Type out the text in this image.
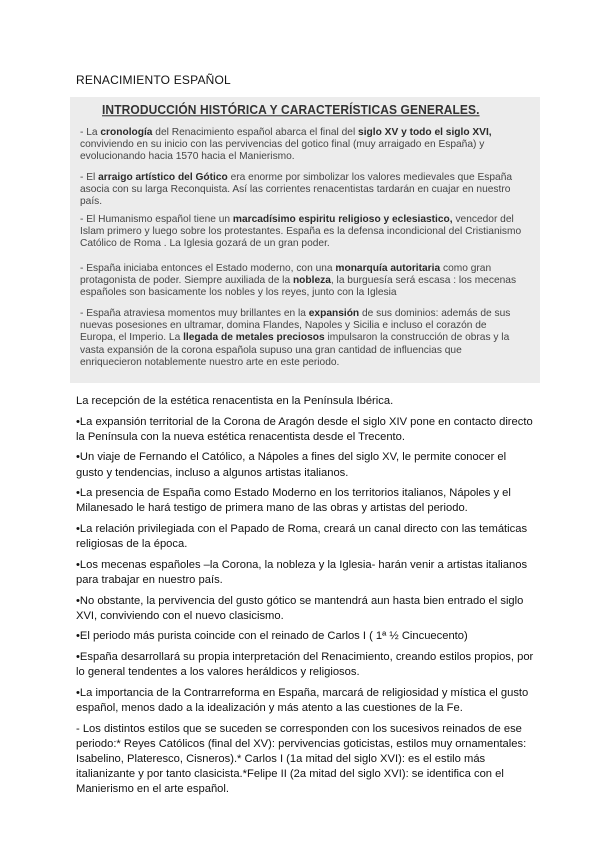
RENACIMIENTO ESPAÑOL
INTRODUCCIÓN HISTÓRICA Y CARACTERÍSTICAS GENERALES.
- La cronología del Renacimiento español abarca el final del siglo XV y todo el siglo XVI, conviviendo en su inicio con las pervivencias del gotico final (muy arraigado en España) y evolucionando hacia 1570 hacia el Manierismo.
- El arraigo artístico del Gótico era enorme por simbolizar los valores medievales que España asocia con su larga Reconquista. Así las corrientes renacentistas tardarán en cuajar en nuestro país.
- El Humanismo español tiene un marcadísimo espiritu religioso y eclesiastico, vencedor del Islam primero y luego sobre los protestantes. España es la defensa incondicional del Cristianismo Católico de Roma . La Iglesia gozará de un gran poder.
- España iniciaba entonces el Estado moderno, con una monarquía autoritaria como gran protagonista de poder. Siempre auxiliada de la nobleza, la burguesía será escasa : los mecenas españoles son basicamente los nobles y los reyes, junto con la Iglesia
- España atraviesa momentos muy brillantes en la expansión de sus dominios: además de sus nuevas posesiones en ultramar, domina Flandes, Napoles y Sicilia e incluso el corazón de Europa, el Imperio. La llegada de metales preciosos impulsaron la construcción de obras y la vasta expansión de la corona española supuso una gran cantidad de influencias que enriquecieron notablemente nuestro arte en este periodo.

La recepción de la estética renacentista en la Península Ibérica.

•La expansión territorial de la Corona de Aragón desde el siglo XIV pone en contacto directo la Península con la nueva estética renacentista desde el Trecento.

•Un viaje de Fernando el Católico, a Nápoles a fines del siglo XV, le permite conocer el gusto y tendencias, incluso a algunos artistas italianos.

•La presencia de España como Estado Moderno en los territorios italianos, Nápoles y el Milanesado le hará testigo de primera mano de las obras y artistas del periodo.

•La relación privilegiada con el Papado de Roma, creará un canal directo con las temáticas religiosas de la época.

•Los mecenas españoles –la Corona, la nobleza y la Iglesia- harán venir a artistas italianos para trabajar en nuestro país.

•No obstante, la pervivencia del gusto gótico se mantendrá aun hasta bien entrado el siglo XVI, conviviendo con el nuevo clasicismo.

•El periodo más purista coincide con el reinado de Carlos I ( 1ª ½ Cincuecento)

•España desarrollará su propia interpretación del Renacimiento, creando estilos propios, por lo general tendentes a los valores heráldicos y religiosos.

•La importancia de la Contrarreforma en España, marcará de religiosidad y mística el gusto español, menos dado a la idealización y más atento a las cuestiones de la Fe.

- Los distintos estilos que se suceden se corresponden con los sucesivos reinados de ese periodo:* Reyes Católicos (final del XV): pervivencias goticistas, estilos muy ornamentales: Isabelino, Plateresco, Cisneros).* Carlos I (1a mitad del siglo XVI): es el estilo más italianizante y por tanto clasicista.*Felipe II (2a mitad del siglo XVI): se identifica con el Manierismo en el arte español.
